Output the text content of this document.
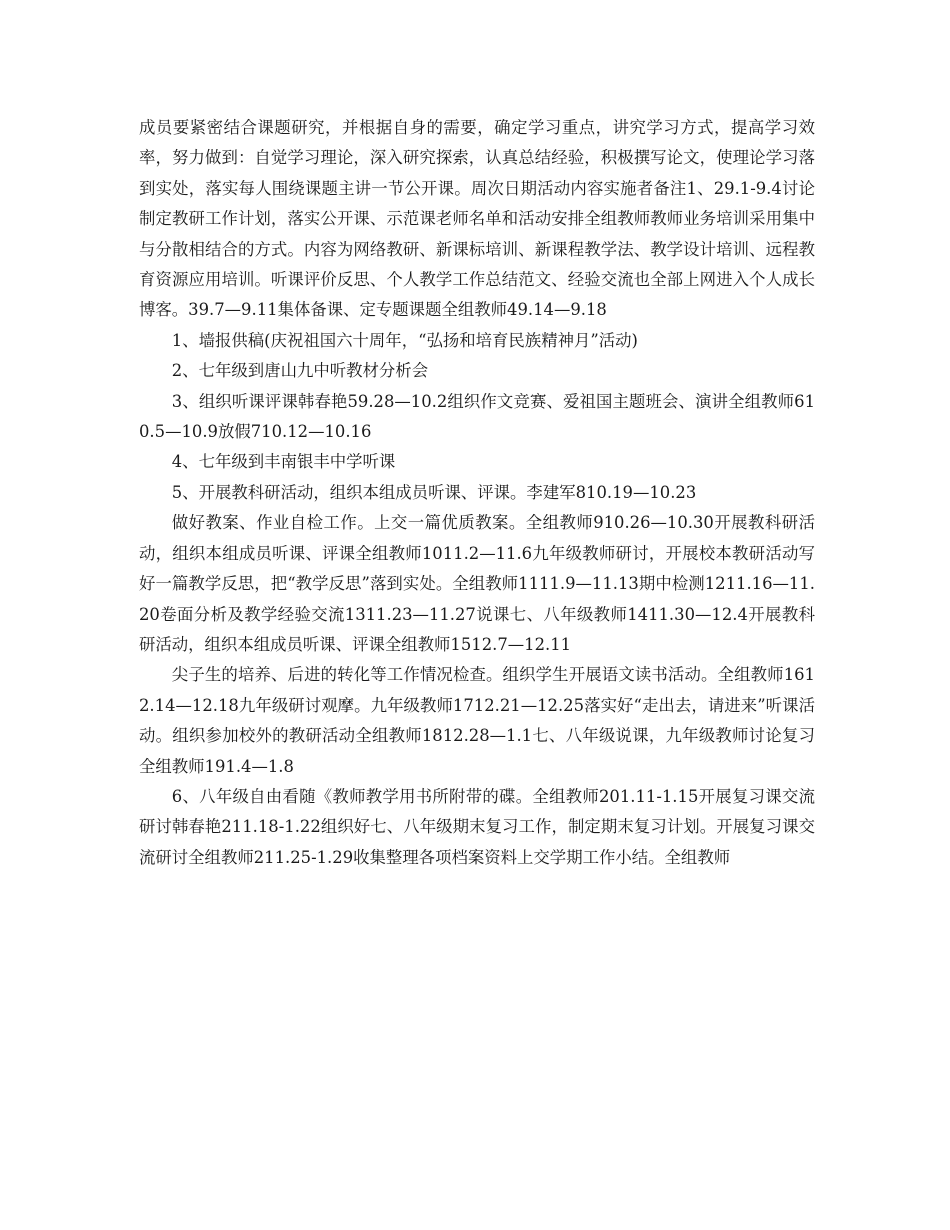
成员要紧密结合课题研究，并根据自身的需要，确定学习重点，讲究学习方式，提高学习效率，努力做到：自觉学习理论，深入研究探索，认真总结经验，积极撰写论文，使理论学习落到实处，落实每人围绕课题主讲一节公开课。周次日期活动内容实施者备注1、29.1-9.4讨论制定教研工作计划，落实公开课、示范课老师名单和活动安排全组教师教师业务培训采用集中与分散相结合的方式。内容为网络教研、新课标培训、新课程教学法、教学设计培训、远程教育资源应用培训。听课评价反思、个人教学工作总结范文、经验交流也全部上网进入个人成长博客。39.7—9.11集体备课、定专题课题全组教师49.14—9.18

1、墙报供稿(庆祝祖国六十周年，“弘扬和培育民族精神月”活动)

2、七年级到唐山九中听教材分析会

3、组织听课评课韩春艳59.28—10.2组织作文竞赛、爱祖国主题班会、演讲全组教师610.5—10.9放假710.12—10.16

4、七年级到丰南银丰中学听课

5、开展教科研活动，组织本组成员听课、评课。李建军810.19—10.23

做好教案、作业自检工作。上交一篇优质教案。全组教师910.26—10.30开展教科研活动，组织本组成员听课、评课全组教师1011.2—11.6九年级教师研讨，开展校本教研活动写好一篇教学反思，把“教学反思”落到实处。全组教师1111.9—11.13期中检测1211.16—11.20卷面分析及教学经验交流1311.23—11.27说课七、八年级教师1411.30—12.4开展教科研活动，组织本组成员听课、评课全组教师1512.7—12.11

尖子生的培养、后进的转化等工作情况检查。组织学生开展语文读书活动。全组教师1612.14—12.18九年级研讨观摩。九年级教师1712.21—12.25落实好“走出去，请进来”听课活动。组织参加校外的教研活动全组教师1812.28—1.1七、八年级说课，九年级教师讨论复习全组教师191.4—1.8

6、八年级自由看随《教师教学用书所附带的碟。全组教师201.11-1.15开展复习课交流研讨韩春艳211.18-1.22组织好七、八年级期末复习工作，制定期末复习计划。开展复习课交流研讨全组教师211.25-1.29收集整理各项档案资料上交学期工作小结。全组教师
